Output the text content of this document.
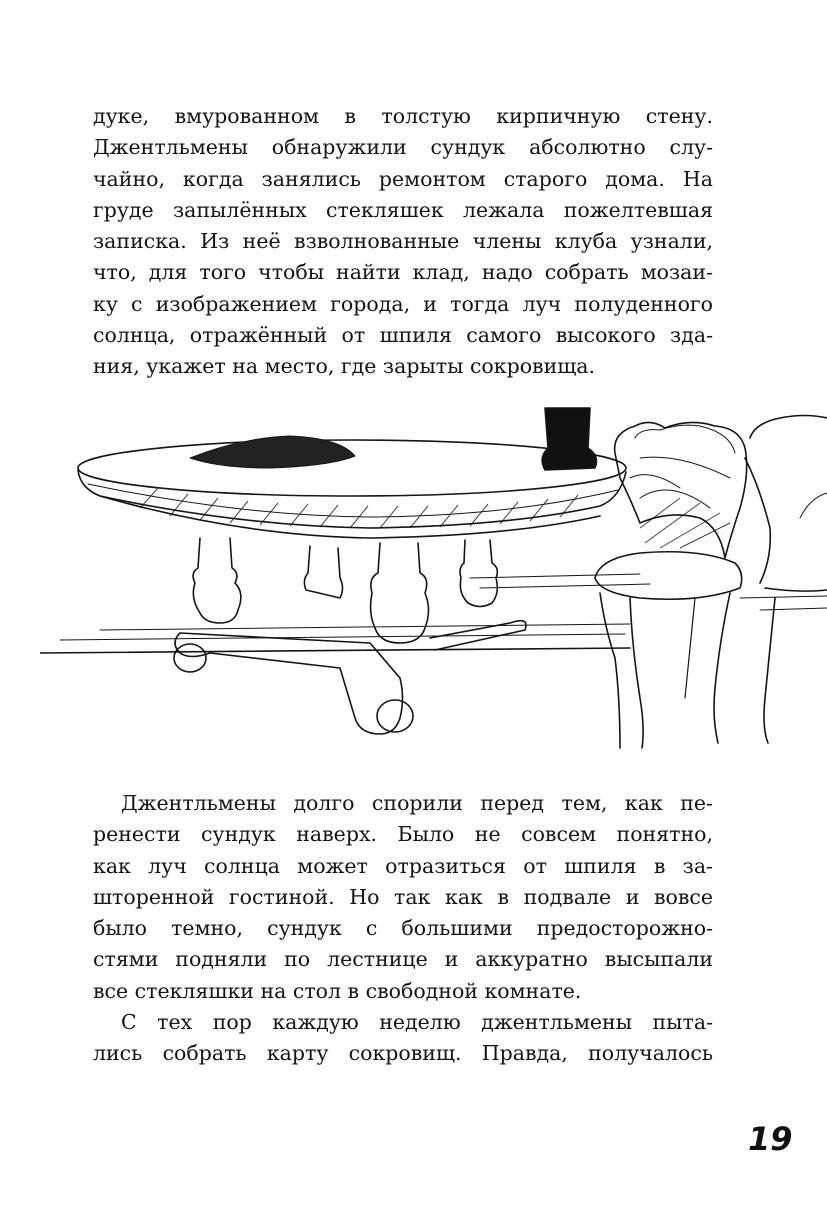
дуке, вмурованном в толстую кирпичную стену.
Джентльмены обнаружили сундук абсолютно слу-
чайно, когда занялись ремонтом старого дома. На
груде запылённых стекляшек лежала пожелтевшая
записка. Из неё взволнованные члены клуба узнали,
что, для того чтобы найти клад, надо собрать мозаи-
ку с изображением города, и тогда луч полуденного
солнца, отражённый от шпиля самого высокого зда-
ния, укажет на место, где зарыты сокровища.
Джентльмены долго спорили перед тем, как пе-
ренести сундук наверх. Было не совсем понятно,
как луч солнца может отразиться от шпиля в за-
шторенной гостиной. Но так как в подвале и вовсе
было темно, сундук с большими предосторожно-
стями подняли по лестнице и аккуратно высыпали
все стекляшки на стол в свободной комнате.
С тех пор каждую неделю джентльмены пыта-
лись собрать карту сокровищ. Правда, получалось
19
